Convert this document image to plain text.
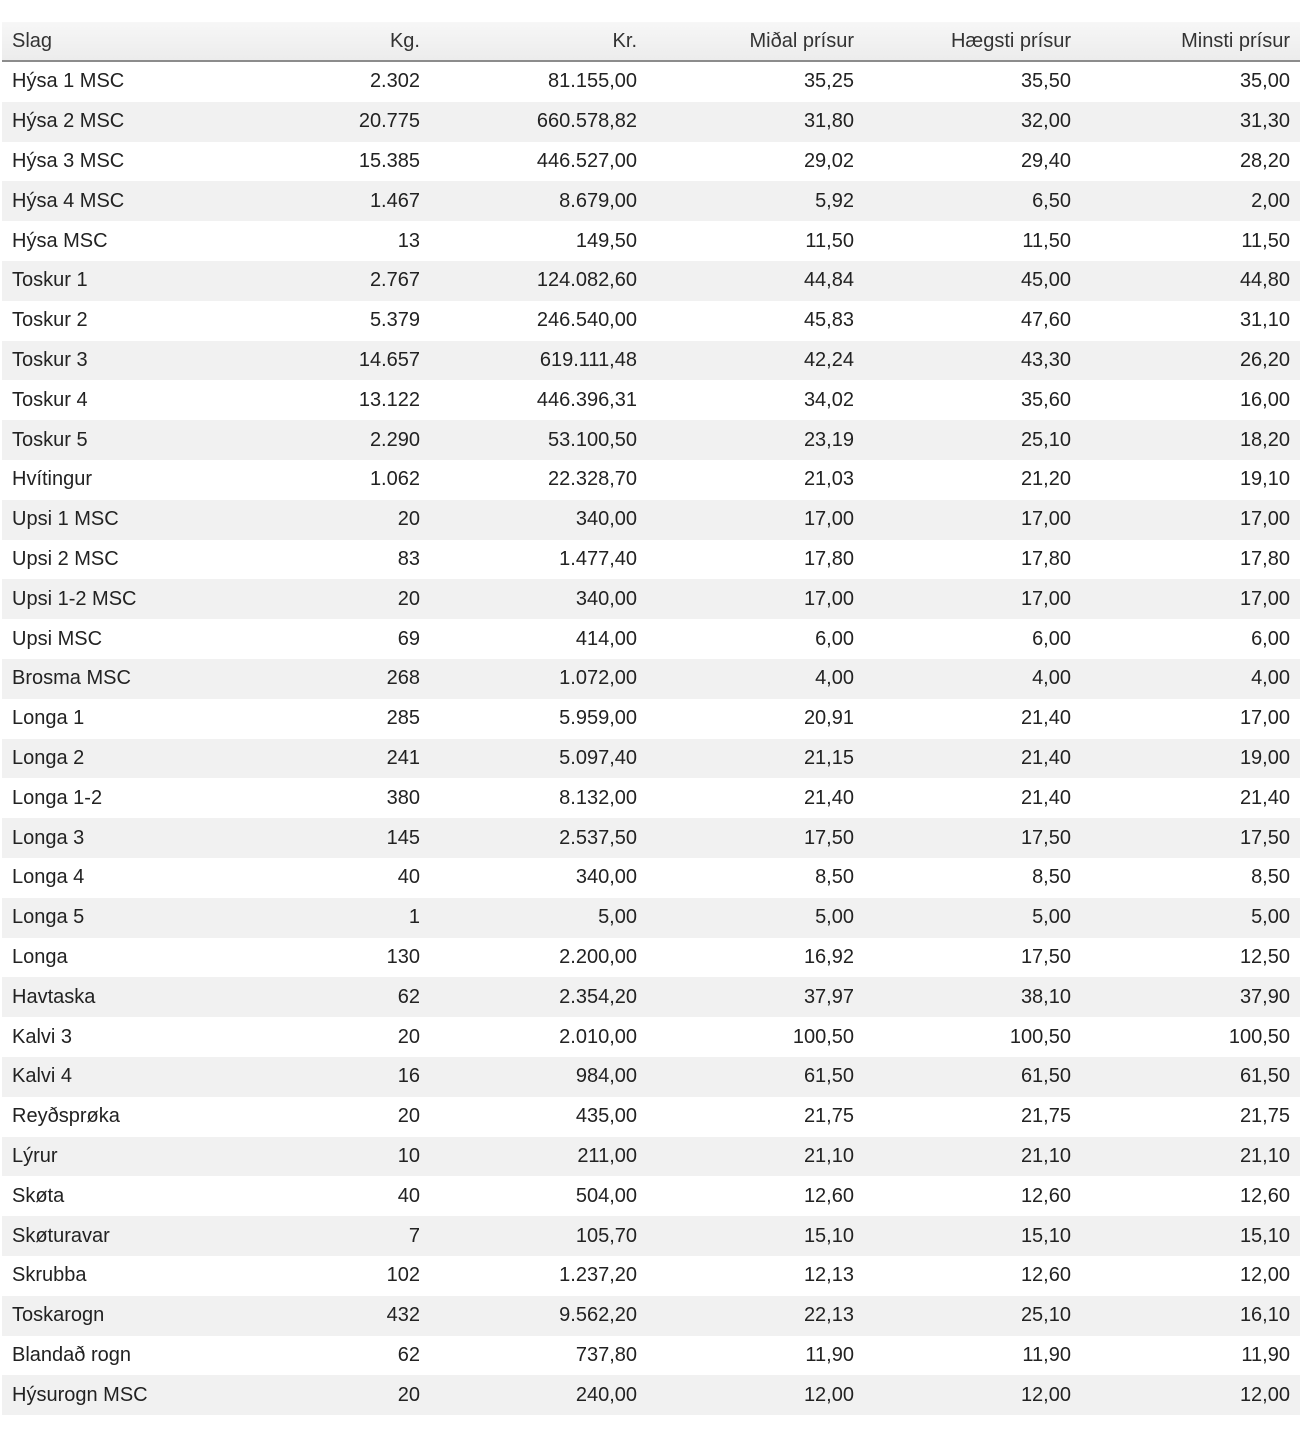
Slag	Kg.	Kr.	Miðal prísur	Hægsti prísur	Minsti prísur
Hýsa 1 MSC	2.302	81.155,00	35,25	35,50	35,00
Hýsa 2 MSC	20.775	660.578,82	31,80	32,00	31,30
Hýsa 3 MSC	15.385	446.527,00	29,02	29,40	28,20
Hýsa 4 MSC	1.467	8.679,00	5,92	6,50	2,00
Hýsa MSC	13	149,50	11,50	11,50	11,50
Toskur 1	2.767	124.082,60	44,84	45,00	44,80
Toskur 2	5.379	246.540,00	45,83	47,60	31,10
Toskur 3	14.657	619.111,48	42,24	43,30	26,20
Toskur 4	13.122	446.396,31	34,02	35,60	16,00
Toskur 5	2.290	53.100,50	23,19	25,10	18,20
Hvítingur	1.062	22.328,70	21,03	21,20	19,10
Upsi 1 MSC	20	340,00	17,00	17,00	17,00
Upsi 2 MSC	83	1.477,40	17,80	17,80	17,80
Upsi 1-2 MSC	20	340,00	17,00	17,00	17,00
Upsi MSC	69	414,00	6,00	6,00	6,00
Brosma MSC	268	1.072,00	4,00	4,00	4,00
Longa 1	285	5.959,00	20,91	21,40	17,00
Longa 2	241	5.097,40	21,15	21,40	19,00
Longa 1-2	380	8.132,00	21,40	21,40	21,40
Longa 3	145	2.537,50	17,50	17,50	17,50
Longa 4	40	340,00	8,50	8,50	8,50
Longa 5	1	5,00	5,00	5,00	5,00
Longa	130	2.200,00	16,92	17,50	12,50
Havtaska	62	2.354,20	37,97	38,10	37,90
Kalvi 3	20	2.010,00	100,50	100,50	100,50
Kalvi 4	16	984,00	61,50	61,50	61,50
Reyðsprøka	20	435,00	21,75	21,75	21,75
Lýrur	10	211,00	21,10	21,10	21,10
Skøta	40	504,00	12,60	12,60	12,60
Skøturavar	7	105,70	15,10	15,10	15,10
Skrubba	102	1.237,20	12,13	12,60	12,00
Toskarogn	432	9.562,20	22,13	25,10	16,10
Blandað rogn	62	737,80	11,90	11,90	11,90
Hýsurogn MSC	20	240,00	12,00	12,00	12,00
